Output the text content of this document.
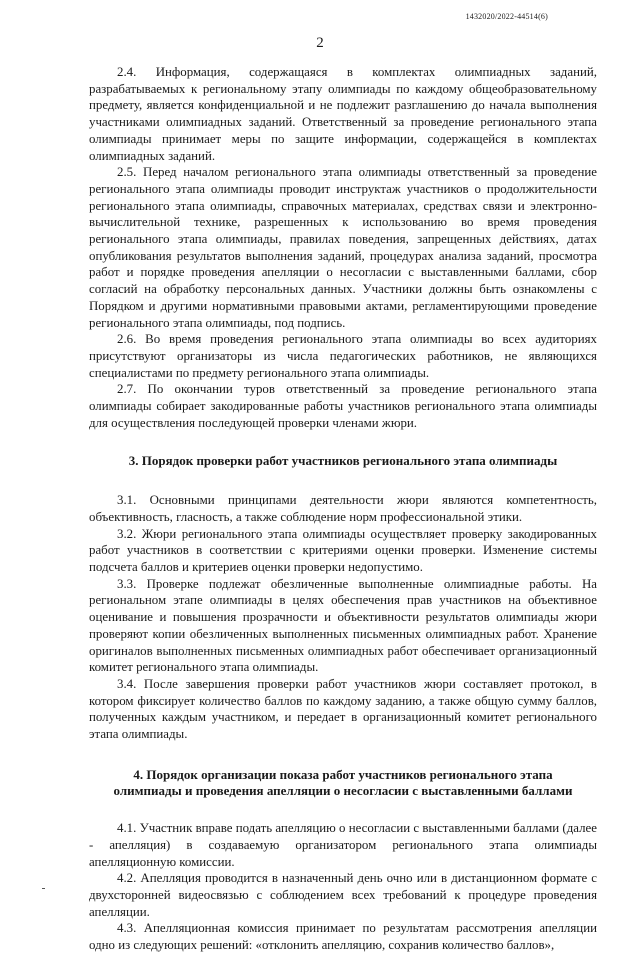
1432020/2022-44514(6)
2

2.4. Информация, содержащаяся в комплектах олимпиадных заданий, разрабатываемых к региональному этапу олимпиады по каждому общеобразовательному предмету, является конфиденциальной и не подлежит разглашению до начала выполнения участниками олимпиадных заданий. Ответственный за проведение регионального этапа олимпиады принимает меры по защите информации, содержащейся в комплектах олимпиадных заданий.

2.5. Перед началом регионального этапа олимпиады ответственный за проведение регионального этапа олимпиады проводит инструктаж участников о продолжительности регионального этапа олимпиады, справочных материалах, средствах связи и электронно-вычислительной технике, разрешенных к использованию во время проведения регионального этапа олимпиады, правилах поведения, запрещенных действиях, датах опубликования результатов выполнения заданий, процедурах анализа заданий, просмотра работ и порядке проведения апелляции о несогласии с выставленными баллами, сбор согласий на обработку персональных данных. Участники должны быть ознакомлены с Порядком и другими нормативными правовыми актами, регламентирующими проведение регионального этапа олимпиады, под подпись.

2.6. Во время проведения регионального этапа олимпиады во всех аудиториях присутствуют организаторы из числа педагогических работников, не являющихся специалистами по предмету регионального этапа олимпиады.

2.7. По окончании туров ответственный за проведение регионального этапа олимпиады собирает закодированные работы участников регионального этапа олимпиады для осуществления последующей проверки членами жюри.

3. Порядок проверки работ участников регионального этапа олимпиады

3.1. Основными принципами деятельности жюри являются компетентность, объективность, гласность, а также соблюдение норм профессиональной этики.

3.2. Жюри регионального этапа олимпиады осуществляет проверку закодированных работ участников в соответствии с критериями оценки проверки. Изменение системы подсчета баллов и критериев оценки проверки недопустимо.

3.3. Проверке подлежат обезличенные выполненные олимпиадные работы. На региональном этапе олимпиады в целях обеспечения прав участников на объективное оценивание и повышения прозрачности и объективности результатов олимпиады жюри проверяют копии обезличенных выполненных письменных олимпиадных работ. Хранение оригиналов выполненных письменных олимпиадных работ обеспечивает организационный комитет регионального этапа олимпиады.

3.4. После завершения проверки работ участников жюри составляет протокол, в котором фиксирует количество баллов по каждому заданию, а также общую сумму баллов, полученных каждым участником, и передает в организационный комитет регионального этапа олимпиады.

4. Порядок организации показа работ участников регионального этапа
олимпиады и проведения апелляции о несогласии с выставленными баллами

4.1. Участник вправе подать апелляцию о несогласии с выставленными баллами (далее - апелляция) в создаваемую организатором регионального этапа олимпиады апелляционную комиссии.

4.2. Апелляция проводится в назначенный день очно или в дистанционном формате с двухсторонней видеосвязью с соблюдением всех требований к процедуре проведения апелляции.

4.3. Апелляционная комиссия принимает по результатам рассмотрения апелляции одно из следующих решений: «отклонить апелляцию, сохранив количество баллов»,
